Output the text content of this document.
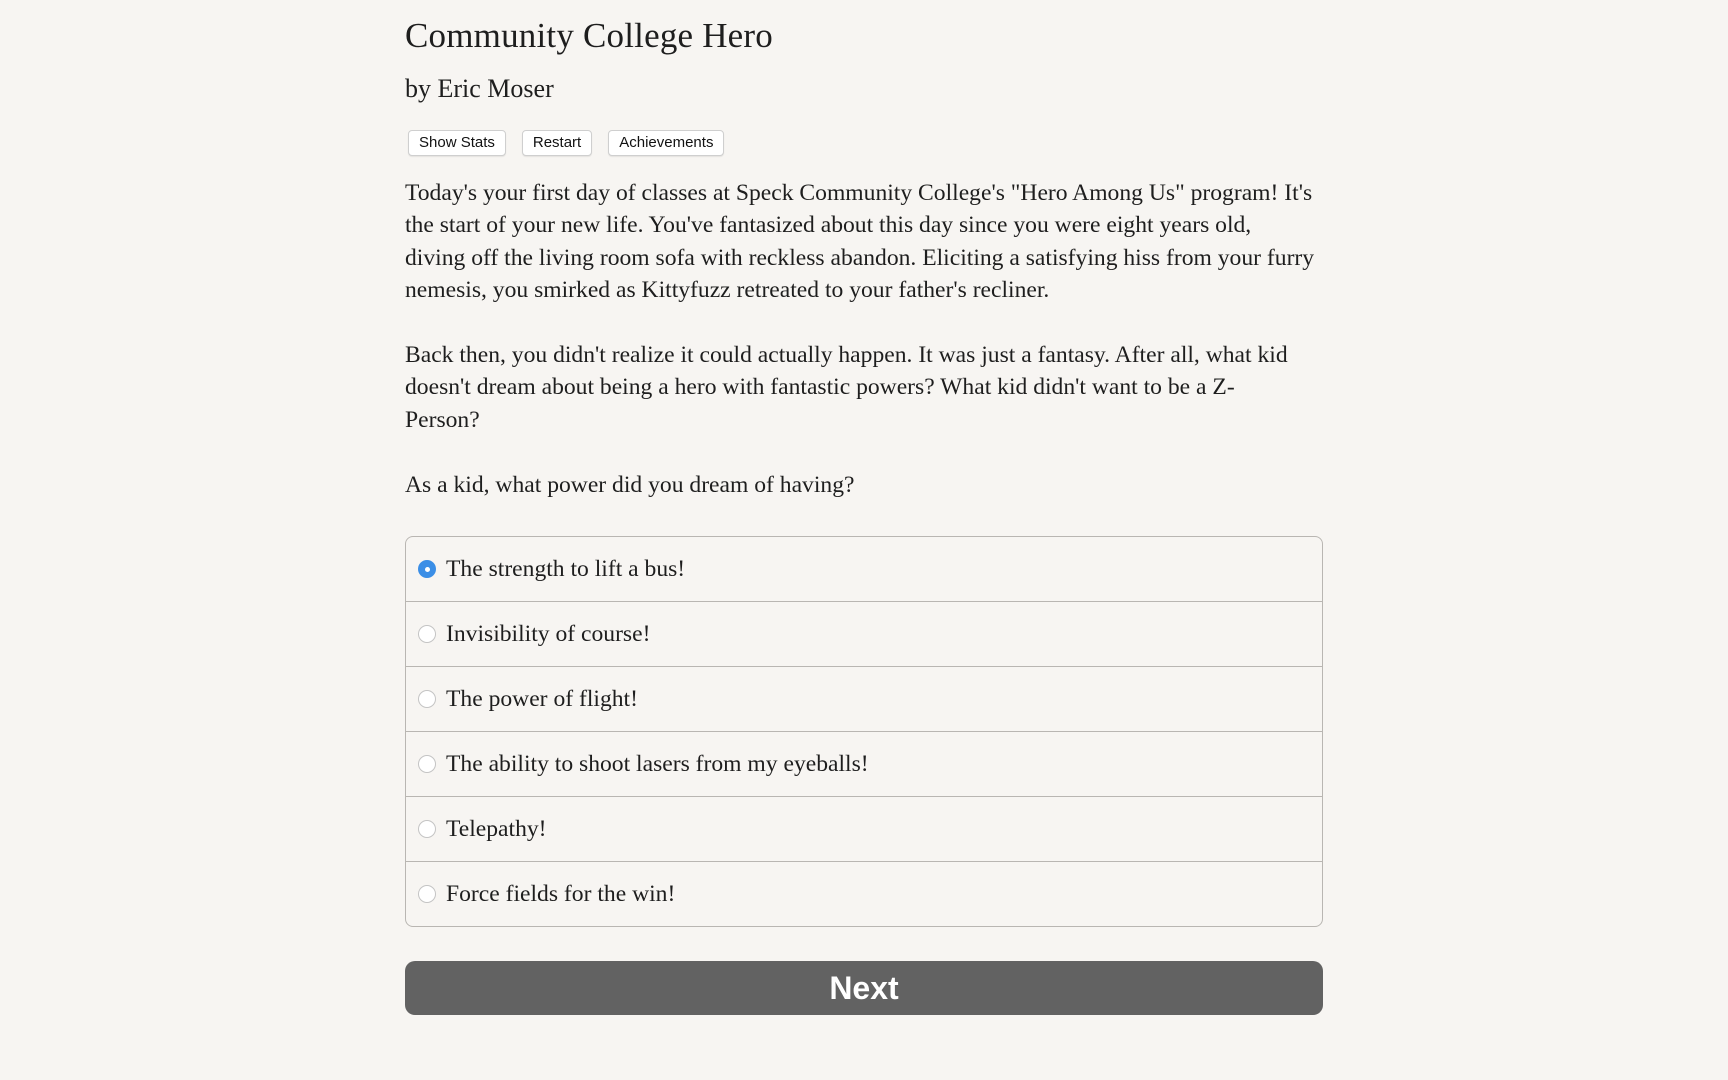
Community College Hero
by Eric Moser
Show Stats	Restart	Achievements
Today's your first day of classes at Speck Community College's "Hero Among Us" program! It's
the start of your new life. You've fantasized about this day since you were eight years old,
diving off the living room sofa with reckless abandon. Eliciting a satisfying hiss from your furry
nemesis, you smirked as Kittyfuzz retreated to your father's recliner.
Back then, you didn't realize it could actually happen. It was just a fantasy. After all, what kid
doesn't dream about being a hero with fantastic powers? What kid didn't want to be a Z-
Person?
As a kid, what power did you dream of having?
The strength to lift a bus!
Invisibility of course!
The power of flight!
The ability to shoot lasers from my eyeballs!
Telepathy!
Force fields for the win!
Next
